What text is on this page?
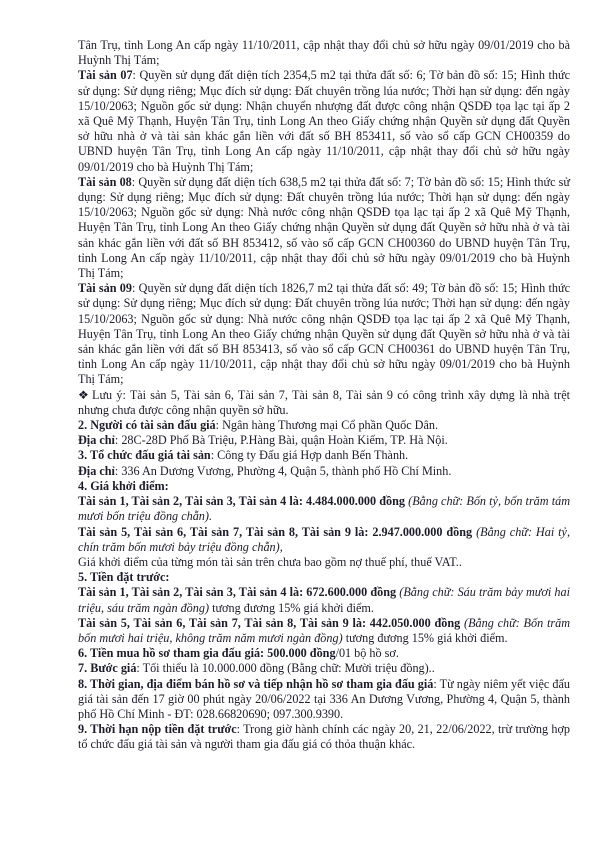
Tân Trụ, tỉnh Long An cấp ngày 11/10/2011, cập nhật thay đổi chủ sở hữu ngày 09/01/2019 cho bà Huỳnh Thị Tám;

Tài sản 07: Quyền sử dụng đất diện tích 2354,5 m2 tại thửa đất số: 6; Tờ bản đồ số: 15; Hình thức sử dụng: Sử dụng riêng; Mục đích sử dụng: Đất chuyên trồng lúa nước; Thời hạn sử dụng: đến ngày 15/10/2063; Nguồn gốc sử dụng: Nhận chuyển nhượng đất được công nhận QSDĐ tọa lạc tại ấp 2 xã Quê Mỹ Thạnh, Huyện Tân Trụ, tỉnh Long An theo Giấy chứng nhận Quyền sử dụng đất Quyền sở hữu nhà ở và tài sản khác gắn liền với đất số BH 853411, số vào sổ cấp GCN CH00359 do UBND huyện Tân Trụ, tỉnh Long An cấp ngày 11/10/2011, cập nhật thay đổi chủ sở hữu ngày 09/01/2019 cho bà Huỳnh Thị Tám;

Tài sản 08: Quyền sử dụng đất diện tích 638,5 m2 tại thửa đất số: 7; Tờ bản đồ số: 15; Hình thức sử dụng: Sử dụng riêng; Mục đích sử dụng: Đất chuyên trồng lúa nước; Thời hạn sử dụng: đến ngày 15/10/2063; Nguồn gốc sử dụng: Nhà nước công nhận QSDĐ tọa lạc tại ấp 2 xã Quê Mỹ Thạnh, Huyện Tân Trụ, tỉnh Long An theo Giấy chứng nhận Quyền sử dụng đất Quyền sở hữu nhà ở và tài sản khác gắn liền với đất số BH 853412, số vào sổ cấp GCN CH00360 do UBND huyện Tân Trụ, tỉnh Long An cấp ngày 11/10/2011, cập nhật thay đổi chủ sở hữu ngày 09/01/2019 cho bà Huỳnh Thị Tám;

Tài sản 09: Quyền sử dụng đất diện tích 1826,7 m2 tại thửa đất số: 49; Tờ bản đồ số: 15; Hình thức sử dụng: Sử dụng riêng; Mục đích sử dụng: Đất chuyên trồng lúa nước; Thời hạn sử dụng: đến ngày 15/10/2063; Nguồn gốc sử dụng: Nhà nước công nhận QSDĐ tọa lạc tại ấp 2 xã Quê Mỹ Thạnh, Huyện Tân Trụ, tỉnh Long An theo Giấy chứng nhận Quyền sử dụng đất Quyền sở hữu nhà ở và tài sản khác gắn liền với đất số BH 853413, số vào sổ cấp GCN CH00361 do UBND huyện Tân Trụ, tỉnh Long An cấp ngày 11/10/2011, cập nhật thay đổi chủ sở hữu ngày 09/01/2019 cho bà Huỳnh Thị Tám;

❖ Lưu ý: Tài sản 5, Tài sản 6, Tài sản 7, Tài sản 8, Tài sản 9 có công trình xây dựng là nhà trệt nhưng chưa được công nhận quyền sở hữu.

2. Người có tài sản đấu giá: Ngân hàng Thương mại Cổ phần Quốc Dân.

Địa chỉ: 28C-28D Phố Bà Triệu, P.Hàng Bài, quận Hoàn Kiếm, TP. Hà Nội.

3. Tổ chức đấu giá tài sản: Công ty Đấu giá Hợp danh Bến Thành.

Địa chỉ: 336 An Dương Vương, Phường 4, Quận 5, thành phố Hồ Chí Minh.

4. Giá khởi điểm:

Tài sản 1, Tài sản 2, Tài sản 3, Tài sản 4 là: 4.484.000.000 đồng (Bằng chữ: Bốn tỷ, bốn trăm tám mươi bốn triệu đồng chẵn).

Tài sản 5, Tài sản 6, Tài sản 7, Tài sản 8, Tài sản 9 là: 2.947.000.000 đồng (Bằng chữ: Hai tỷ, chín trăm bốn mươi bảy triệu đồng chẵn),

Giá khởi điểm của từng món tài sản trên chưa bao gồm nợ thuế phí, thuế VAT..

5. Tiền đặt trước:

Tài sản 1, Tài sản 2, Tài sản 3, Tài sản 4 là: 672.600.000 đồng (Bằng chữ: Sáu trăm bảy mươi hai triệu, sáu trăm ngàn đồng) tương đương 15% giá khởi điểm.

Tài sản 5, Tài sản 6, Tài sản 7, Tài sản 8, Tài sản 9 là: 442.050.000 đồng (Bằng chữ: Bốn trăm bốn mươi hai triệu, không trăm năm mươi ngàn đồng) tương đương 15% giá khởi điểm.

6. Tiền mua hồ sơ tham gia đấu giá: 500.000 đồng/01 bộ hồ sơ.

7. Bước giá: Tối thiểu là 10.000.000 đồng (Bằng chữ: Mười triệu đồng)..

8. Thời gian, địa điểm bán hồ sơ và tiếp nhận hồ sơ tham gia đấu giá: Từ ngày niêm yết việc đấu giá tài sản đến 17 giờ 00 phút ngày 20/06/2022 tại 336 An Dương Vương, Phường 4, Quận 5, thành phố Hồ Chí Minh - ĐT: 028.66820690; 097.300.9390.

9. Thời hạn nộp tiền đặt trước: Trong giờ hành chính các ngày 20, 21, 22/06/2022, trừ trường hợp tổ chức đấu giá tài sản và người tham gia đấu giá có thỏa thuận khác.
